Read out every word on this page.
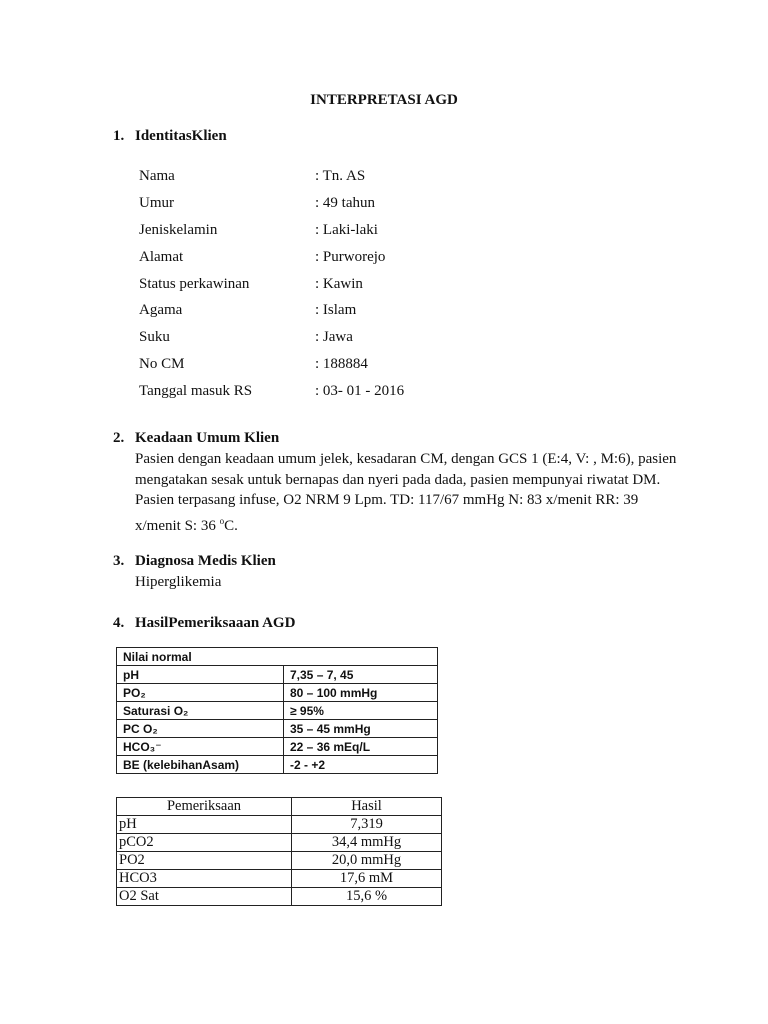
INTERPRETASI AGD
1. IdentitasKlien
Nama	: Tn. AS
Umur	: 49 tahun
Jeniskelamin	: Laki-laki
Alamat	: Purworejo
Status perkawinan	: Kawin
Agama	: Islam
Suku	: Jawa
No CM	: 188884
Tanggal masuk RS	: 03- 01 - 2016
2. Keadaan Umum Klien
Pasien dengan keadaan umum jelek, kesadaran CM, dengan GCS 1 (E:4, V: , M:6), pasien mengatakan sesak untuk bernapas dan nyeri pada dada, pasien mempunyai riwatat DM. Pasien terpasang infuse, O2 NRM 9 Lpm. TD: 117/67 mmHg N: 83 x/menit RR: 39 x/menit S: 36 $^o$C.
3. Diagnosa Medis Klien
Hiperglikemia
4. HasilPemeriksaaan AGD
Nilai normal	
pH	7,35 – 7, 45
PO₂	80 – 100 mmHg
Saturasi O₂	≥ 95%
PC O₂	35 – 45 mmHg
HCO₃⁻	22 – 36 mEq/L
BE (kelebihanAsam)	-2 - +2
Pemeriksaan	Hasil
pH	7,319
pCO2	34,4 mmHg
PO2	20,0 mmHg
HCO3	17,6 mM
O2 Sat	15,6 %
